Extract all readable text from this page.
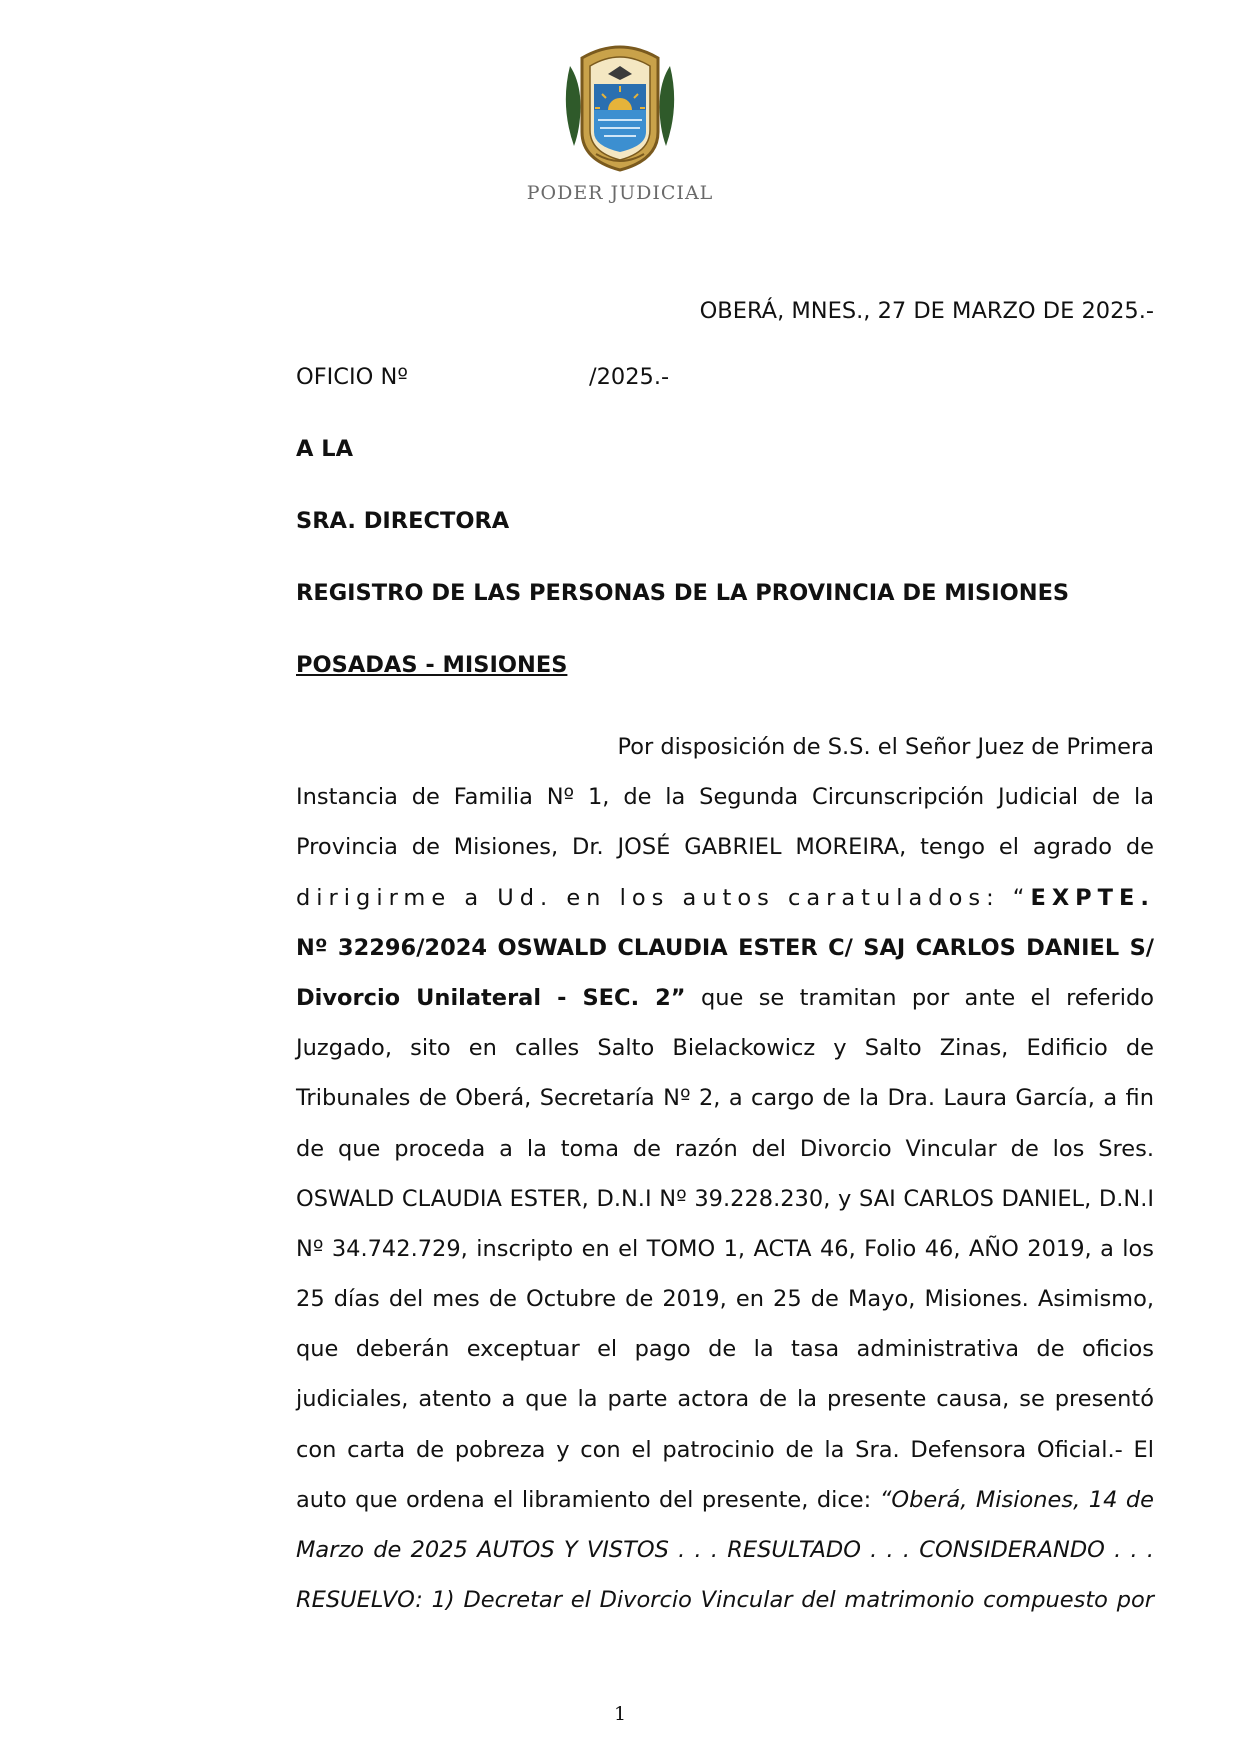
PODER JUDICIAL
OBERÁ, MNES., 27 DE MARZO DE 2025.-
OFICIO Nº	/2025.-
A LA
SRA. DIRECTORA
REGISTRO DE LAS PERSONAS DE LA PROVINCIA DE MISIONES
POSADAS - MISIONES
Por disposición de S.S. el Señor Juez de Primera
Instancia de Familia Nº 1, de la Segunda Circunscripción Judicial de la
Provincia de Misiones, Dr. JOSÉ GABRIEL MOREIRA, tengo el agrado de
dirigirme a Ud. en los autos caratulados: “EXPTE.
Nº 32296/2024 OSWALD CLAUDIA ESTER C/ SAJ CARLOS DANIEL S/
Divorcio Unilateral - SEC. 2” que se tramitan por ante el referido
Juzgado, sito en calles Salto Bielackowicz y Salto Zinas, Edificio de
Tribunales de Oberá, Secretaría Nº 2, a cargo de la Dra. Laura García, a fin
de que proceda a la toma de razón del Divorcio Vincular de los Sres.
OSWALD CLAUDIA ESTER, D.N.I Nº 39.228.230, y SAI CARLOS DANIEL, D.N.I
Nº 34.742.729, inscripto en el TOMO 1, ACTA 46, Folio 46, AÑO 2019, a los
25 días del mes de Octubre de 2019, en 25 de Mayo, Misiones. Asimismo,
que deberán exceptuar el pago de la tasa administrativa de oficios
judiciales, atento a que la parte actora de la presente causa, se presentó
con carta de pobreza y con el patrocinio de la Sra. Defensora Oficial.- El
auto que ordena el libramiento del presente, dice: “Oberá, Misiones, 14 de
Marzo de 2025 AUTOS Y VISTOS . . . RESULTADO . . . CONSIDERANDO . . .
RESUELVO: 1) Decretar el Divorcio Vincular del matrimonio compuesto por
1
